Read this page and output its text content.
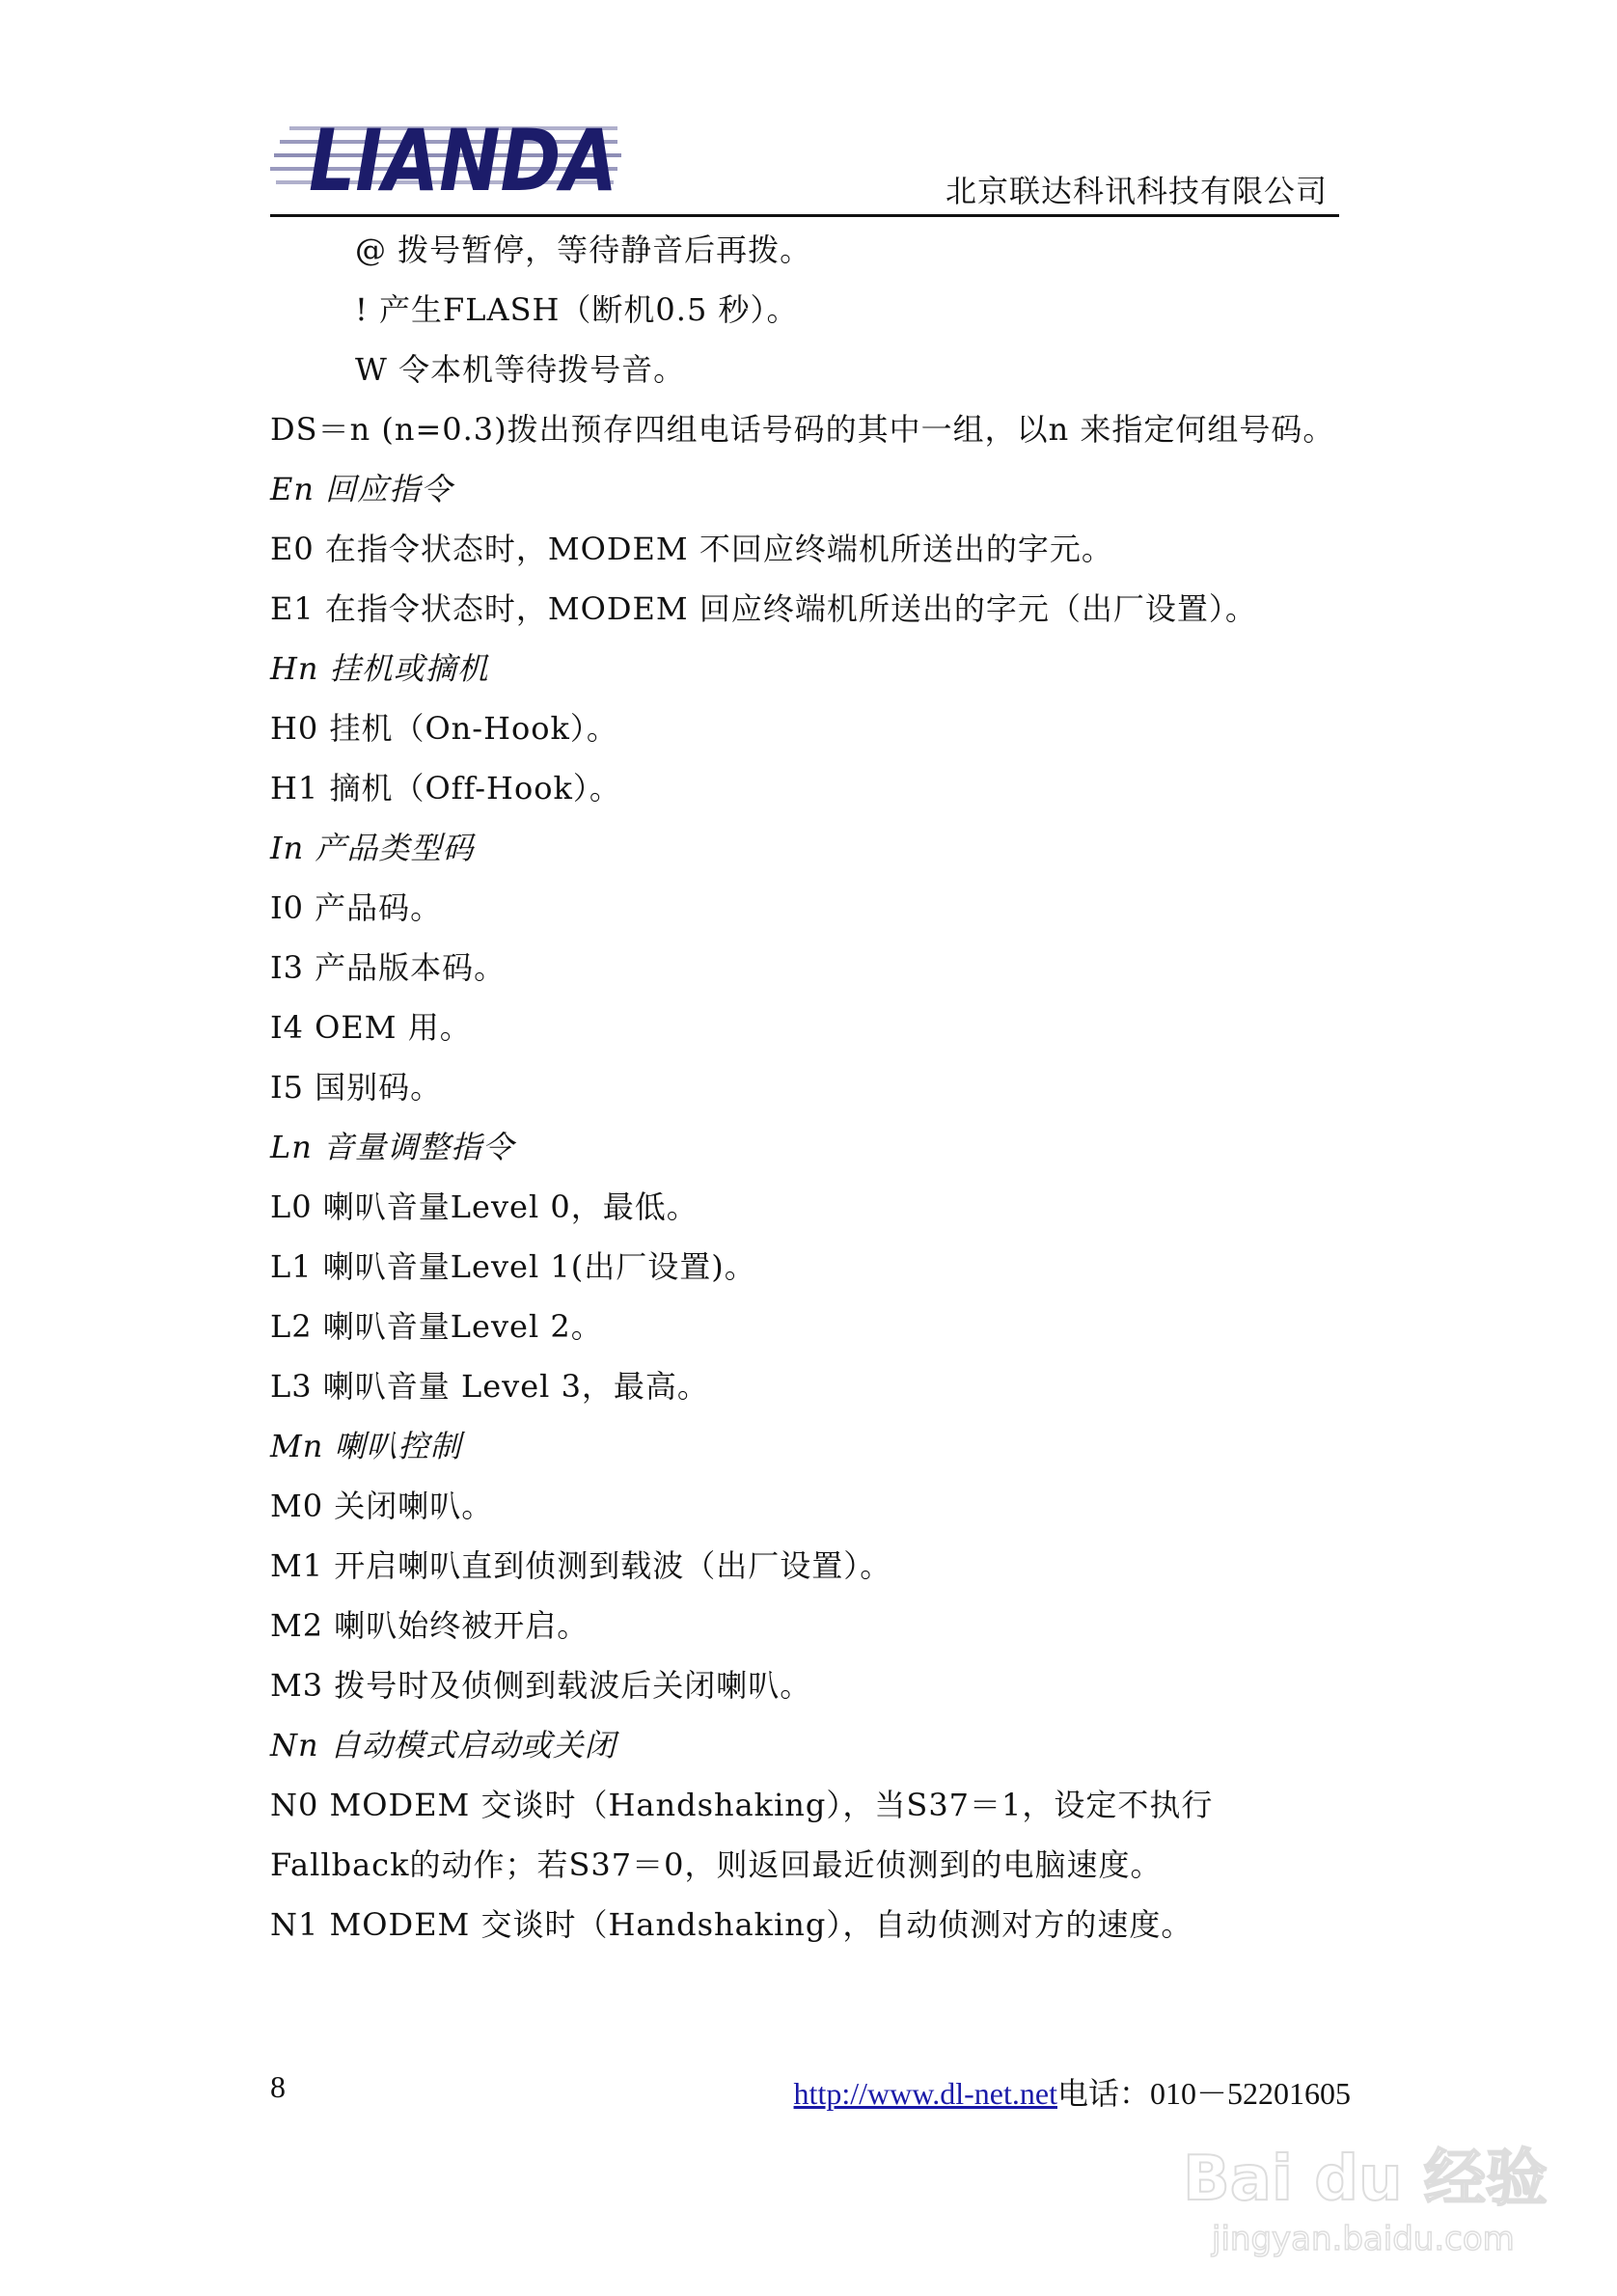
LIANDA	北京联达科讯科技有限公司
@ 拨号暂停，等待静音后再拨。
! 产生FLASH（断机0.5 秒）。
W 令本机等待拨号音。
DS＝n (n=0.3)拨出预存四组电话号码的其中一组，以n 来指定何组号码。
En 回应指令
E0 在指令状态时，MODEM 不回应终端机所送出的字元。
E1 在指令状态时，MODEM 回应终端机所送出的字元（出厂设置）。
Hn 挂机或摘机
H0 挂机（On-Hook）。
H1 摘机（Off-Hook）。
In 产品类型码
I0 产品码。
I3 产品版本码。
I4 OEM 用。
I5 国别码。
Ln 音量调整指令
L0 喇叭音量Level 0，最低。
L1 喇叭音量Level 1(出厂设置)。
L2 喇叭音量Level 2。
L3 喇叭音量 Level 3，最高。
Mn 喇叭控制
M0 关闭喇叭。
M1 开启喇叭直到侦测到载波（出厂设置）。
M2 喇叭始终被开启。
M3 拨号时及侦侧到载波后关闭喇叭。
Nn 自动模式启动或关闭
N0 MODEM 交谈时（Handshaking），当S37＝1，设定不执行Fallback的动作；若S37＝0，则返回最近侦测到的电脑速度。
N1 MODEM 交谈时（Handshaking），自动侦测对方的速度。
8	http://www.dl-net.net电话：010－52201605
Bai du 经验
jingyan.baidu.com
